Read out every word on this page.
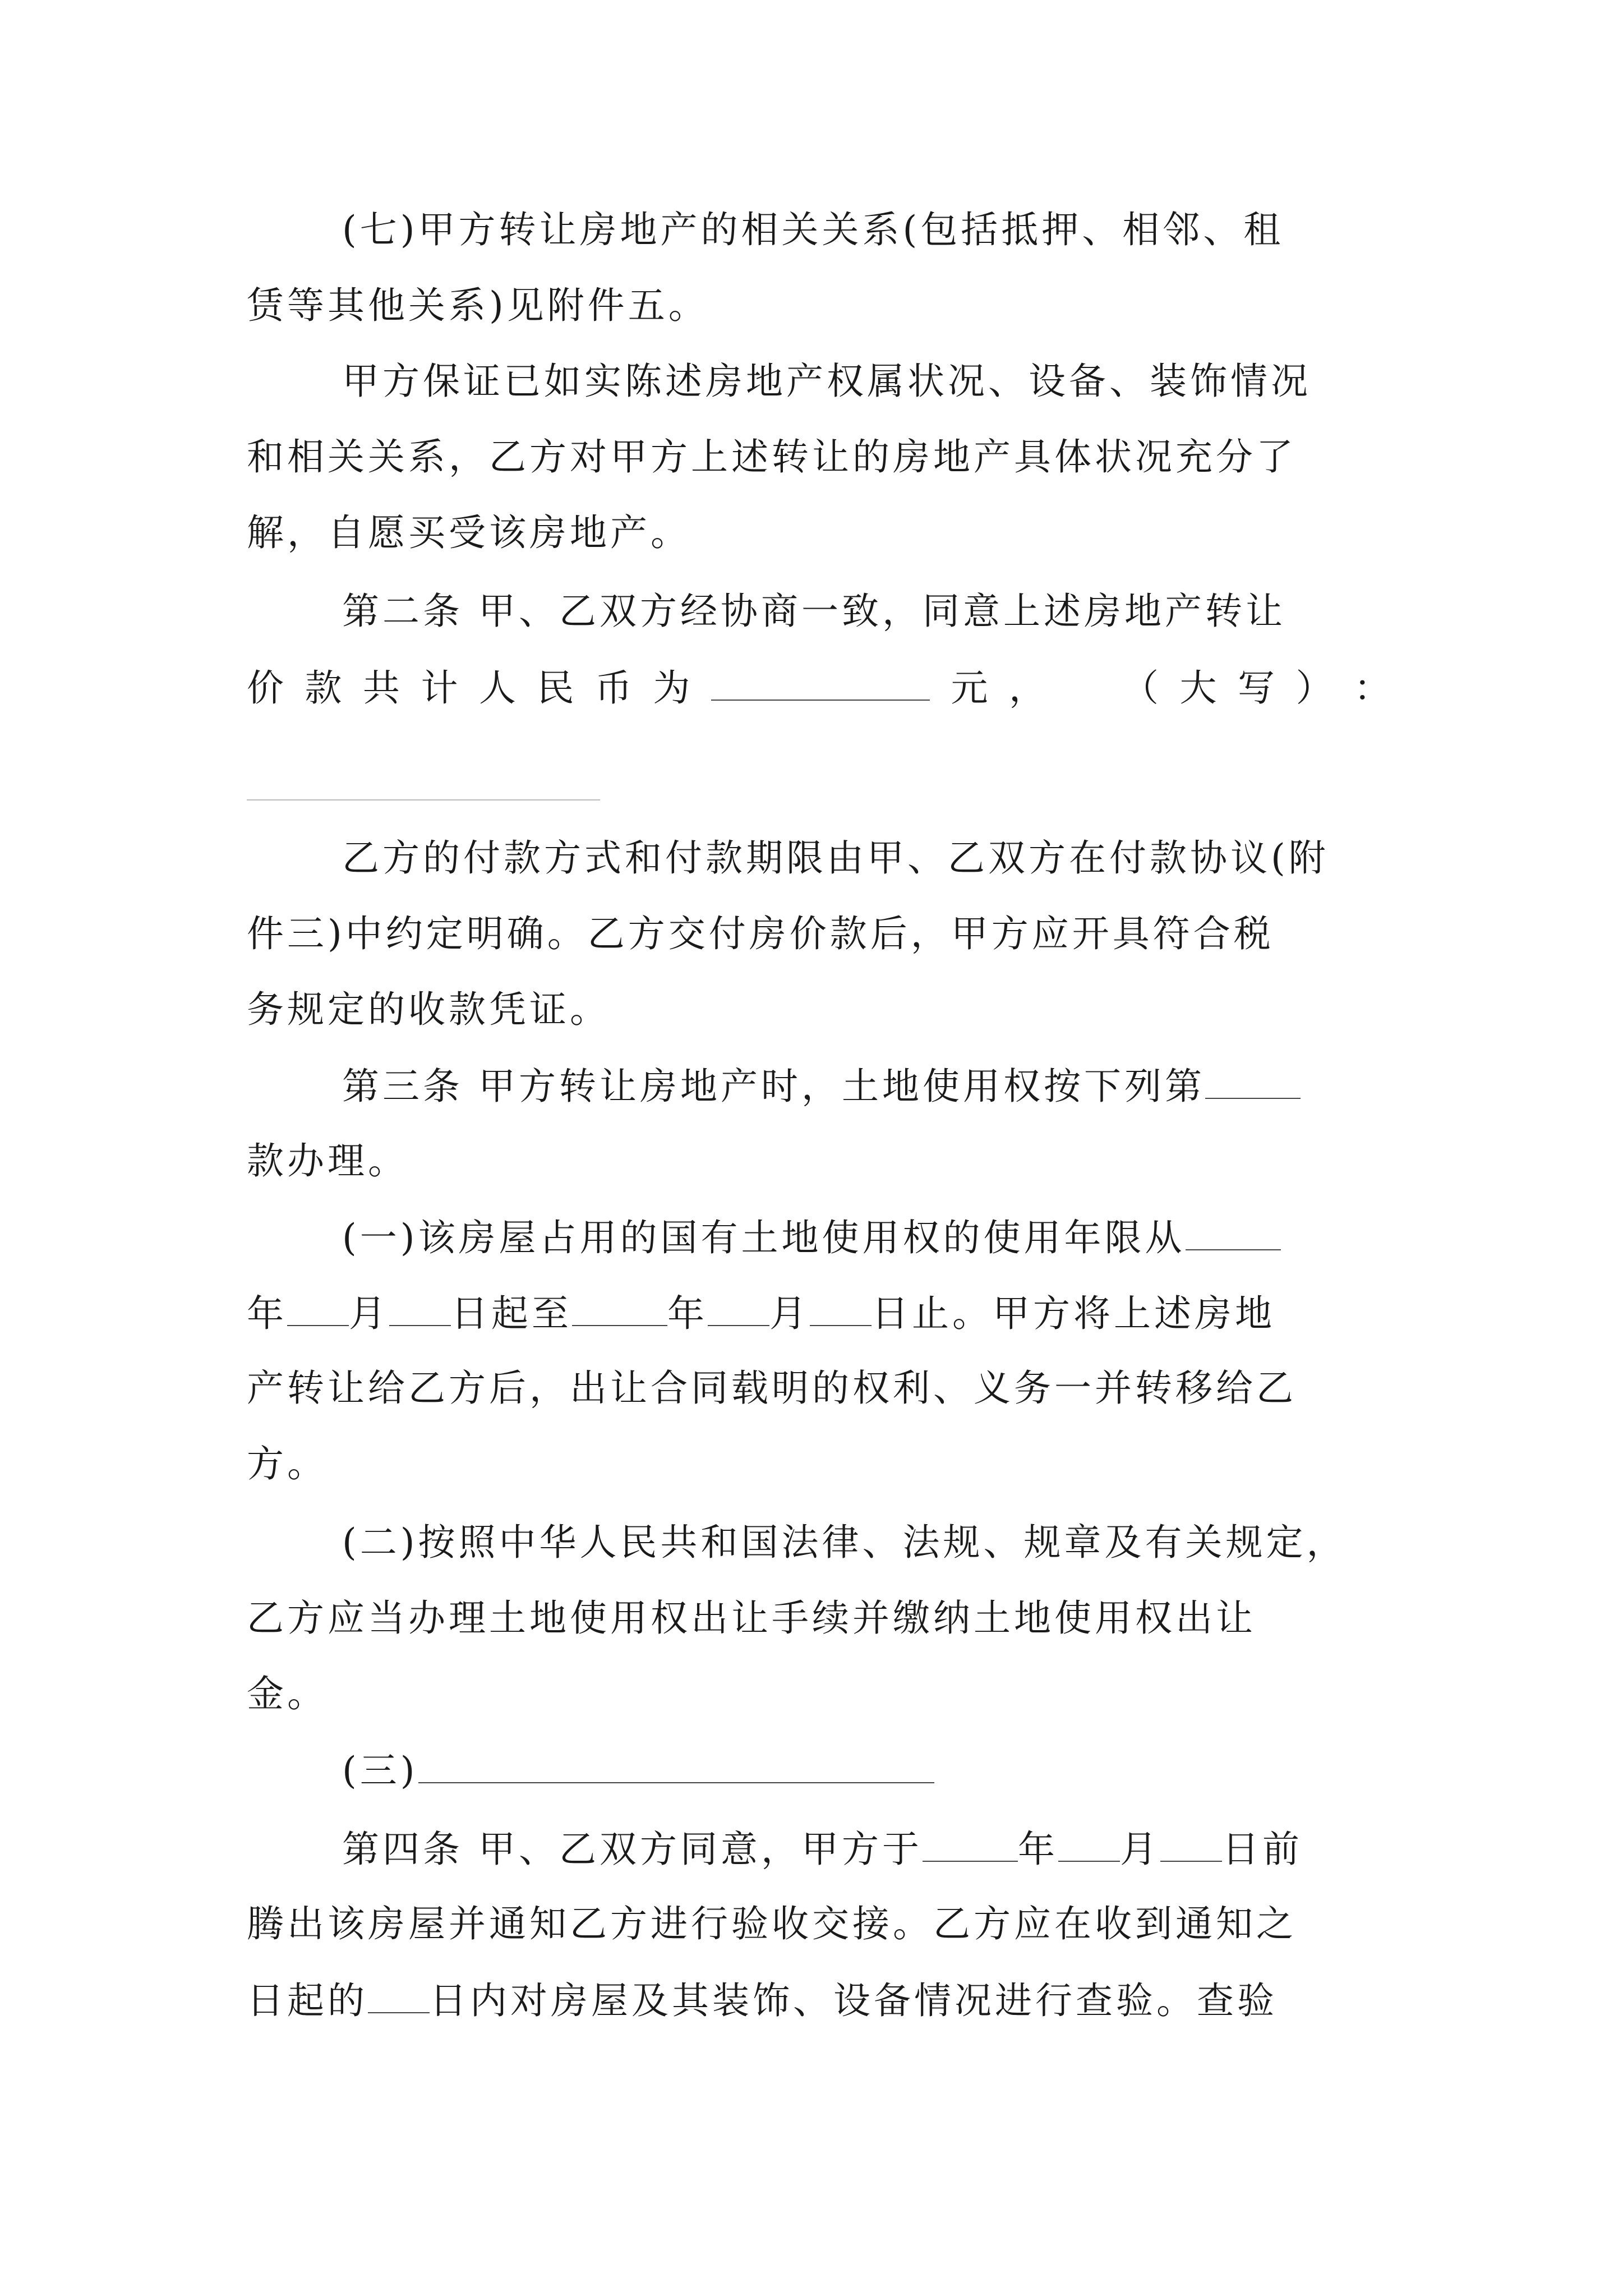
(七)甲方转让房地产的相关关系(包括抵押、相邻、租
赁等其他关系)见附件五。
甲方保证已如实陈述房地产权属状况、设备、装饰情况
和相关关系，乙方对甲方上述转让的房地产具体状况充分了
解，自愿买受该房地产。
第二条 甲、乙双方经协商一致，同意上述房地产转让
价 款 共 计 人 民 币 为	元 ， （ 大 写 ） ：
乙方的付款方式和付款期限由甲、乙双方在付款协议(附
件三)中约定明确。乙方交付房价款后，甲方应开具符合税
务规定的收款凭证。
第三条 甲方转让房地产时，土地使用权按下列第
款办理。
(一)该房屋占用的国有土地使用权的使用年限从
年 月 日起至	年 月 日止。甲方将上述房地
产转让给乙方后，出让合同载明的权利、义务一并转移给乙
方。
(二)按照中华人民共和国法律、法规、规章及有关规定，
乙方应当办理土地使用权出让手续并缴纳土地使用权出让
金。
(三)
第四条 甲、乙双方同意，甲方于	年 月 日前
腾出该房屋并通知乙方进行验收交接。乙方应在收到通知之
日起的 日内对房屋及其装饰、设备情况进行查验。查验
